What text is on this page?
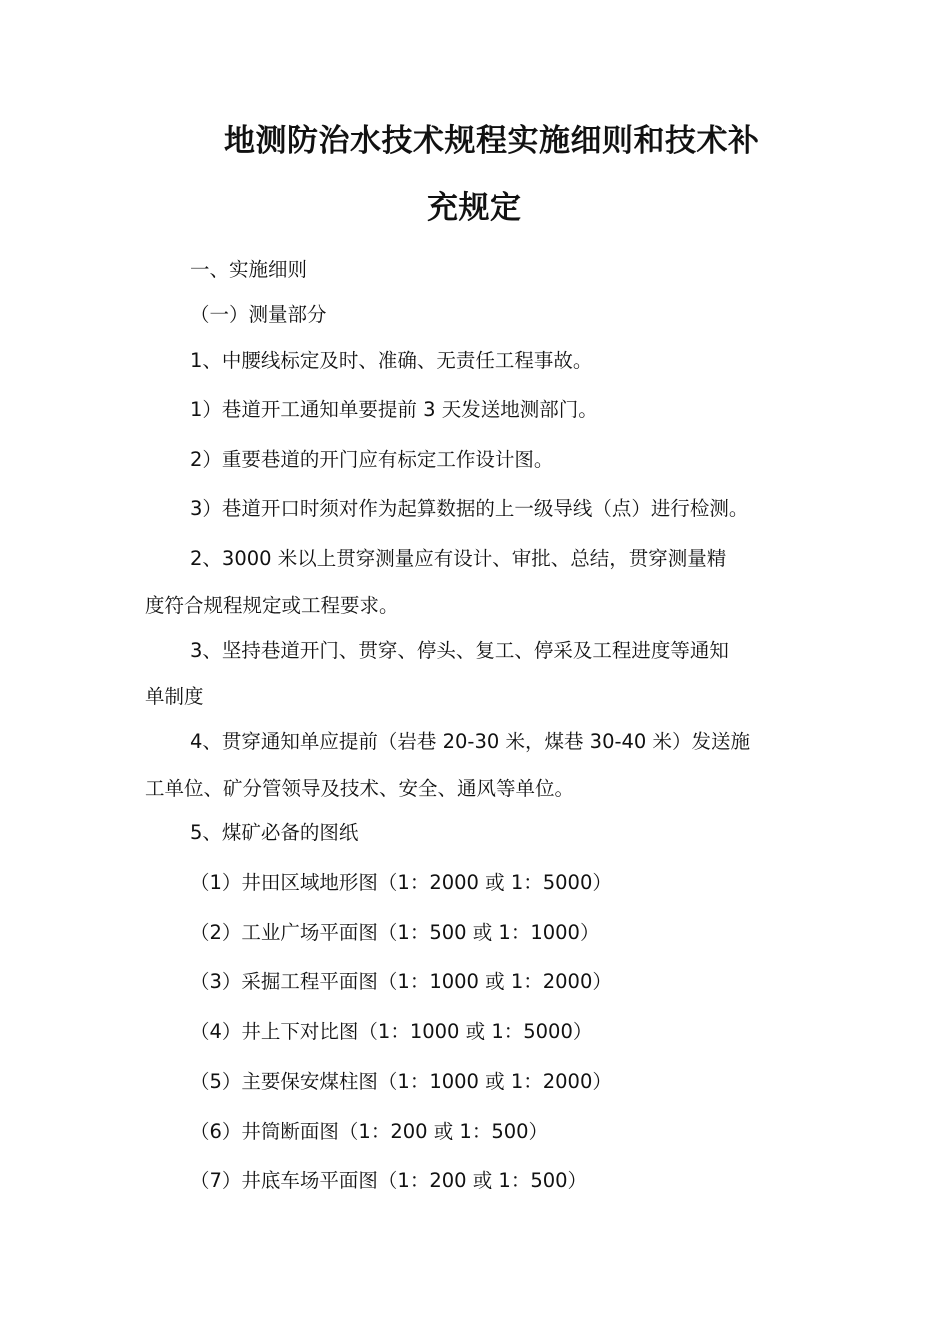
地测防治水技术规程实施细则和技术补
充规定
一、实施细则
（一）测量部分
1、中腰线标定及时、准确、无责任工程事故。
1）巷道开工通知单要提前 3 天发送地测部门。
2）重要巷道的开门应有标定工作设计图。
3）巷道开口时须对作为起算数据的上一级导线（点）进行检测。
2、3000 米以上贯穿测量应有设计、审批、总结，贯穿测量精
度符合规程规定或工程要求。
3、坚持巷道开门、贯穿、停头、复工、停采及工程进度等通知
单制度
4、贯穿通知单应提前（岩巷 20-30 米，煤巷 30-40 米）发送施
工单位、矿分管领导及技术、安全、通风等单位。
5、煤矿必备的图纸
（1）井田区域地形图（1：2000 或 1：5000）
（2）工业广场平面图（1：500 或 1：1000）
（3）采掘工程平面图（1：1000 或 1：2000）
（4）井上下对比图（1：1000 或 1：5000）
（5）主要保安煤柱图（1：1000 或 1：2000）
（6）井筒断面图（1：200 或 1：500）
（7）井底车场平面图（1：200 或 1：500）
